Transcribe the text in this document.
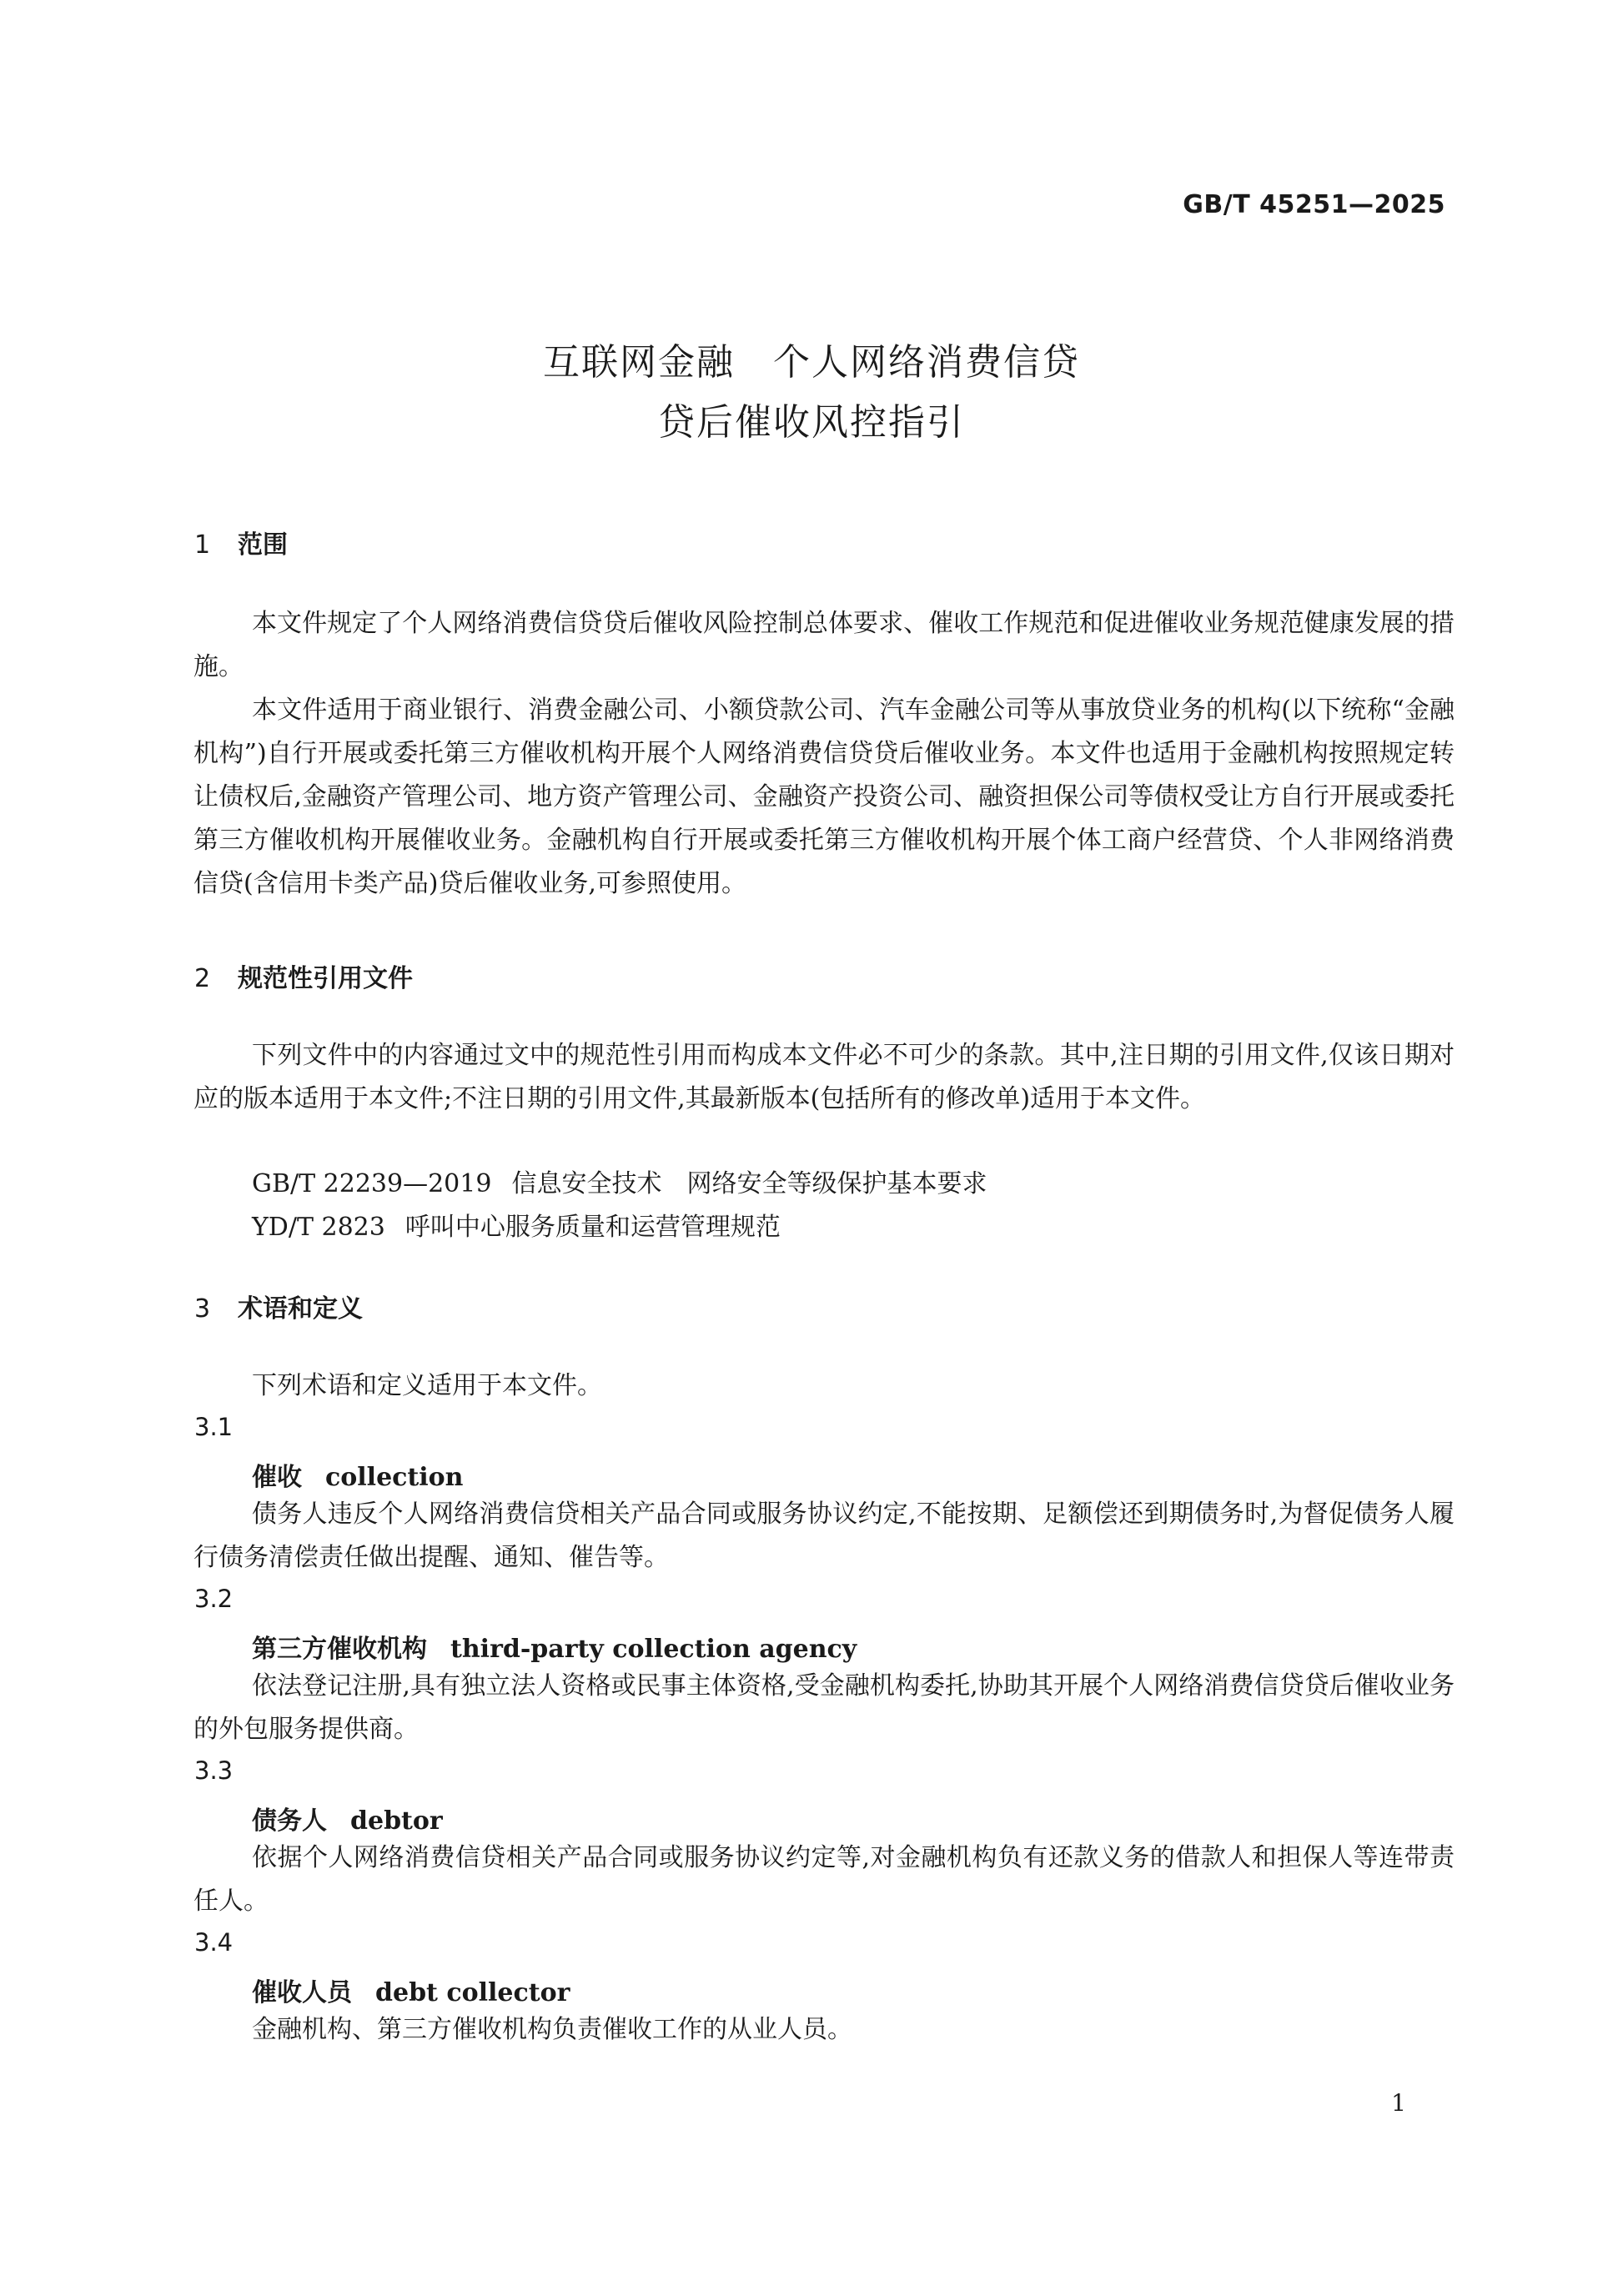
GB/T 45251—2025
互联网金融　个人网络消费信贷
贷后催收风控指引
1 范围
本文件规定了个人网络消费信贷贷后催收风险控制总体要求、催收工作规范和促进催收业务规范健康发展的措施。
本文件适用于商业银行、消费金融公司、小额贷款公司、汽车金融公司等从事放贷业务的机构(以下统称“金融机构”)自行开展或委托第三方催收机构开展个人网络消费信贷贷后催收业务。本文件也适用于金融机构按照规定转让债权后,金融资产管理公司、地方资产管理公司、金融资产投资公司、融资担保公司等债权受让方自行开展或委托第三方催收机构开展催收业务。金融机构自行开展或委托第三方催收机构开展个体工商户经营贷、个人非网络消费信贷(含信用卡类产品)贷后催收业务,可参照使用。
2 规范性引用文件
下列文件中的内容通过文中的规范性引用而构成本文件必不可少的条款。其中,注日期的引用文件,仅该日期对应的版本适用于本文件;不注日期的引用文件,其最新版本(包括所有的修改单)适用于本文件。
GB/T 22239—2019 信息安全技术　网络安全等级保护基本要求
YD/T 2823 呼叫中心服务质量和运营管理规范
3 术语和定义
下列术语和定义适用于本文件。
3.1
催收 collection
债务人违反个人网络消费信贷相关产品合同或服务协议约定,不能按期、足额偿还到期债务时,为督促债务人履行债务清偿责任做出提醒、通知、催告等。
3.2
第三方催收机构 third-party collection agency
依法登记注册,具有独立法人资格或民事主体资格,受金融机构委托,协助其开展个人网络消费信贷贷后催收业务的外包服务提供商。
3.3
债务人 debtor
依据个人网络消费信贷相关产品合同或服务协议约定等,对金融机构负有还款义务的借款人和担保人等连带责任人。
3.4
催收人员 debt collector
金融机构、第三方催收机构负责催收工作的从业人员。
1
